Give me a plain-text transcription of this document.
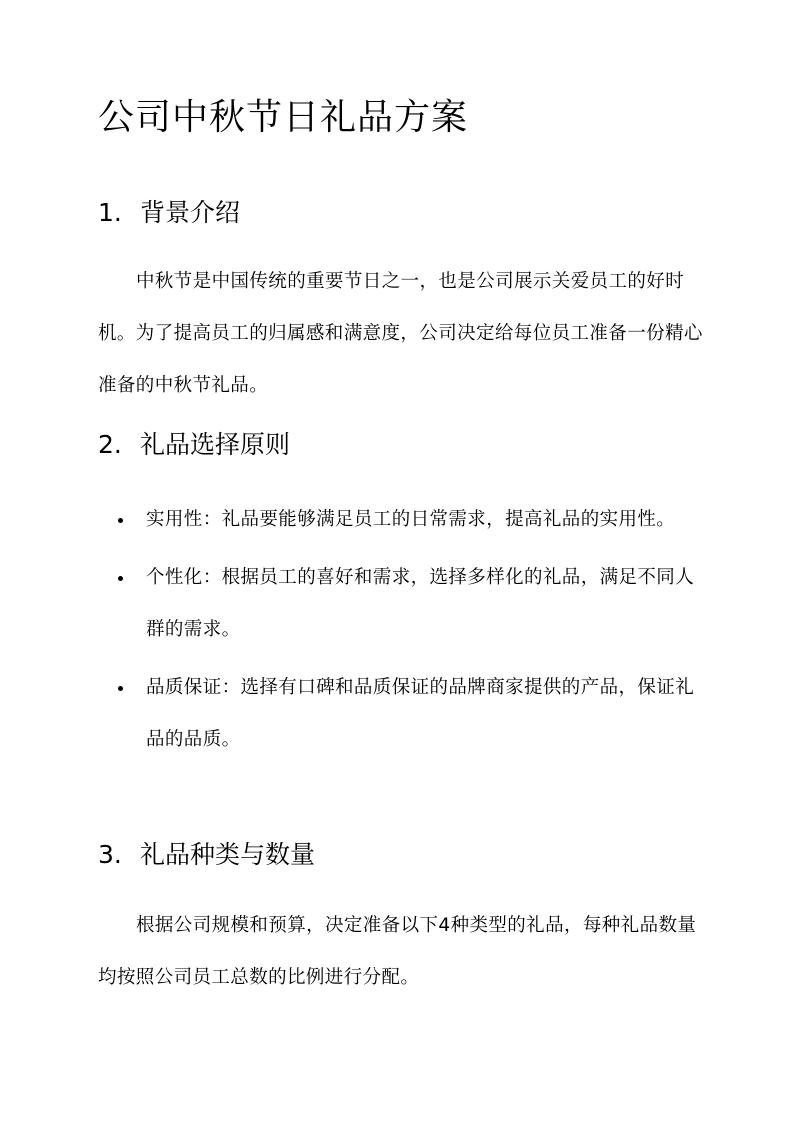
公司中秋节日礼品方案
1. 背景介绍

中秋节是中国传统的重要节日之一，也是公司展示关爱员工的好时机。为了提高员工的归属感和满意度，公司决定给每位员工准备一份精心准备的中秋节礼品。

2. 礼品选择原则
实用性：礼品要能够满足员工的日常需求，提高礼品的实用性。
个性化：根据员工的喜好和需求，选择多样化的礼品，满足不同人群的需求。
品质保证：选择有口碑和品质保证的品牌商家提供的产品，保证礼品的品质。
3. 礼品种类与数量

根据公司规模和预算，决定准备以下4种类型的礼品，每种礼品数量均按照公司员工总数的比例进行分配。
